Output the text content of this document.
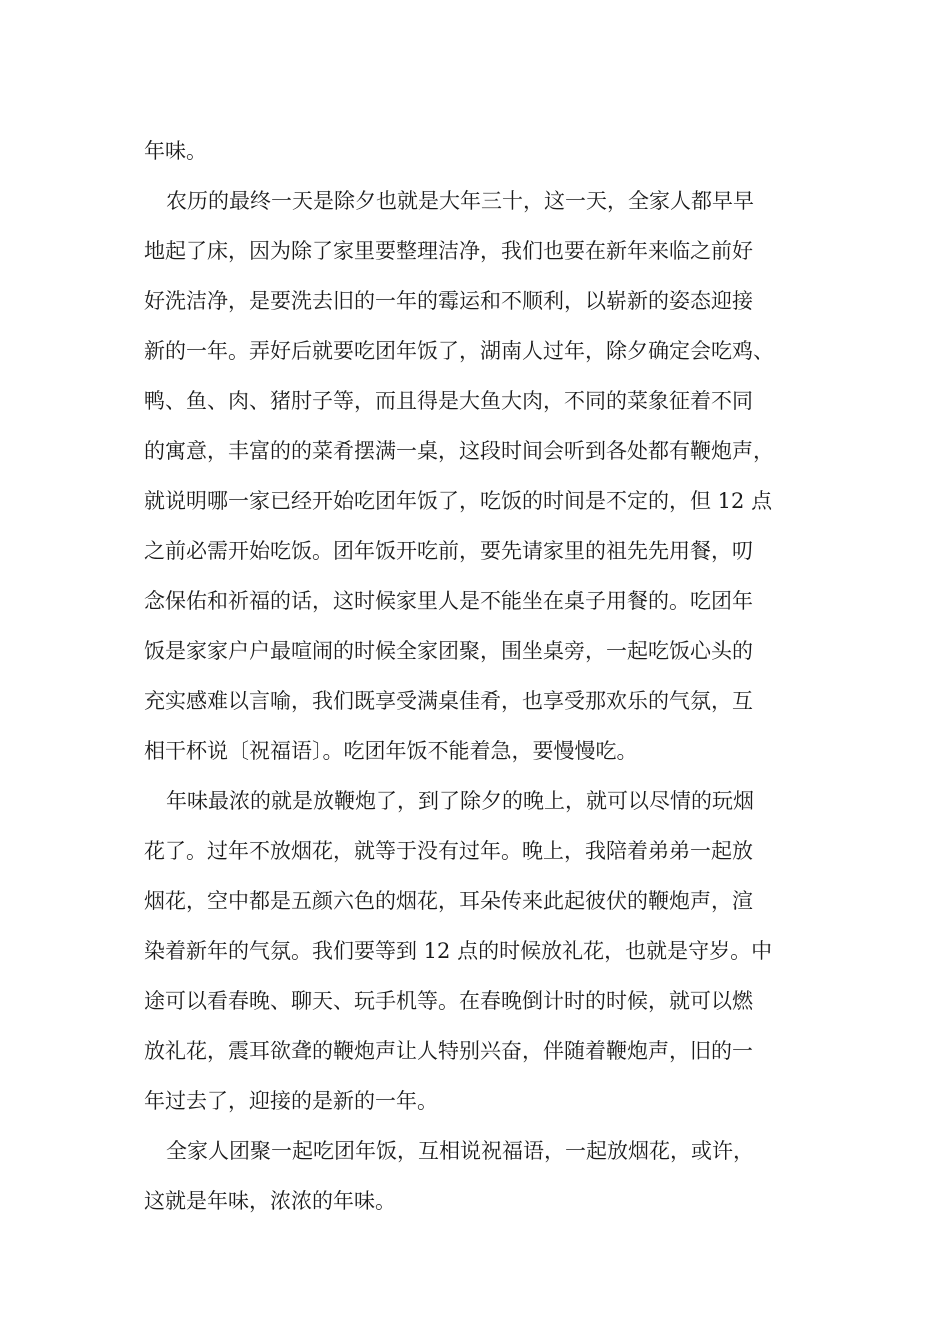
年味。
农历的最终一天是除夕也就是大年三十，这一天，全家人都早早
地起了床，因为除了家里要整理洁净，我们也要在新年来临之前好
好洗洁净，是要洗去旧的一年的霉运和不顺利，以崭新的姿态迎接
新的一年。弄好后就要吃团年饭了，湖南人过年，除夕确定会吃鸡、
鸭、鱼、肉、猪肘子等，而且得是大鱼大肉，不同的菜象征着不同
的寓意，丰富的的菜肴摆满一桌，这段时间会听到各处都有鞭炮声，
就说明哪一家已经开始吃团年饭了，吃饭的时间是不定的，但 12 点
之前必需开始吃饭。团年饭开吃前，要先请家里的祖先先用餐，叨
念保佑和祈福的话，这时候家里人是不能坐在桌子用餐的。吃团年
饭是家家户户最喧闹的时候全家团聚，围坐桌旁，一起吃饭心头的
充实感难以言喻，我们既享受满桌佳肴，也享受那欢乐的气氛，互
相干杯说〔祝福语〕。吃团年饭不能着急，要慢慢吃。
年味最浓的就是放鞭炮了，到了除夕的晚上，就可以尽情的玩烟
花了。过年不放烟花，就等于没有过年。晚上，我陪着弟弟一起放
烟花，空中都是五颜六色的烟花，耳朵传来此起彼伏的鞭炮声，渲
染着新年的气氛。我们要等到 12 点的时候放礼花，也就是守岁。中
途可以看春晚、聊天、玩手机等。在春晚倒计时的时候，就可以燃
放礼花，震耳欲聋的鞭炮声让人特别兴奋，伴随着鞭炮声，旧的一
年过去了，迎接的是新的一年。
全家人团聚一起吃团年饭，互相说祝福语，一起放烟花，或许，
这就是年味，浓浓的年味。
